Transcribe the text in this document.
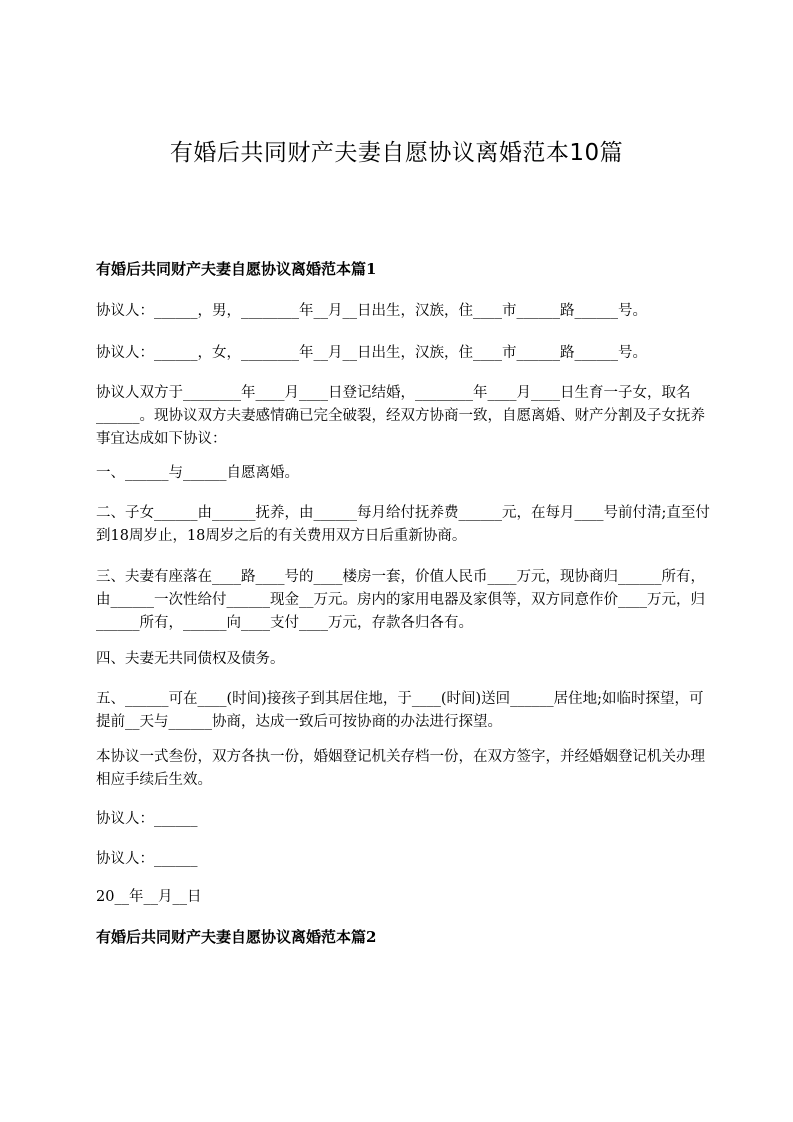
有婚后共同财产夫妻自愿协议离婚范本10篇
有婚后共同财产夫妻自愿协议离婚范本篇1
协议人：______，男，________年__月__日出生，汉族，住____市______路______号。
协议人：______，女，________年__月__日出生，汉族，住____市______路______号。
协议人双方于________年____月____日登记结婚，________年____月____日生育一子女，取名______。现协议双方夫妻感情确已完全破裂，经双方协商一致，自愿离婚、财产分割及子女抚养事宜达成如下协议：
一、______与______自愿离婚。
二、子女______由______抚养，由______每月给付抚养费______元，在每月____号前付清;直至付到18周岁止，18周岁之后的有关费用双方日后重新协商。
三、夫妻有座落在____路____号的____楼房一套，价值人民币____万元，现协商归______所有，由______一次性给付______现金__万元。房内的家用电器及家俱等，双方同意作价____万元，归______所有，______向____支付____万元，存款各归各有。
四、夫妻无共同债权及债务。
五、______可在____(时间)接孩子到其居住地，于____(时间)送回______居住地;如临时探望，可提前__天与______协商，达成一致后可按协商的办法进行探望。
本协议一式叁份，双方各执一份，婚姻登记机关存档一份，在双方签字，并经婚姻登记机关办理相应手续后生效。
协议人：______
协议人：______
20__年__月__日
有婚后共同财产夫妻自愿协议离婚范本篇2
